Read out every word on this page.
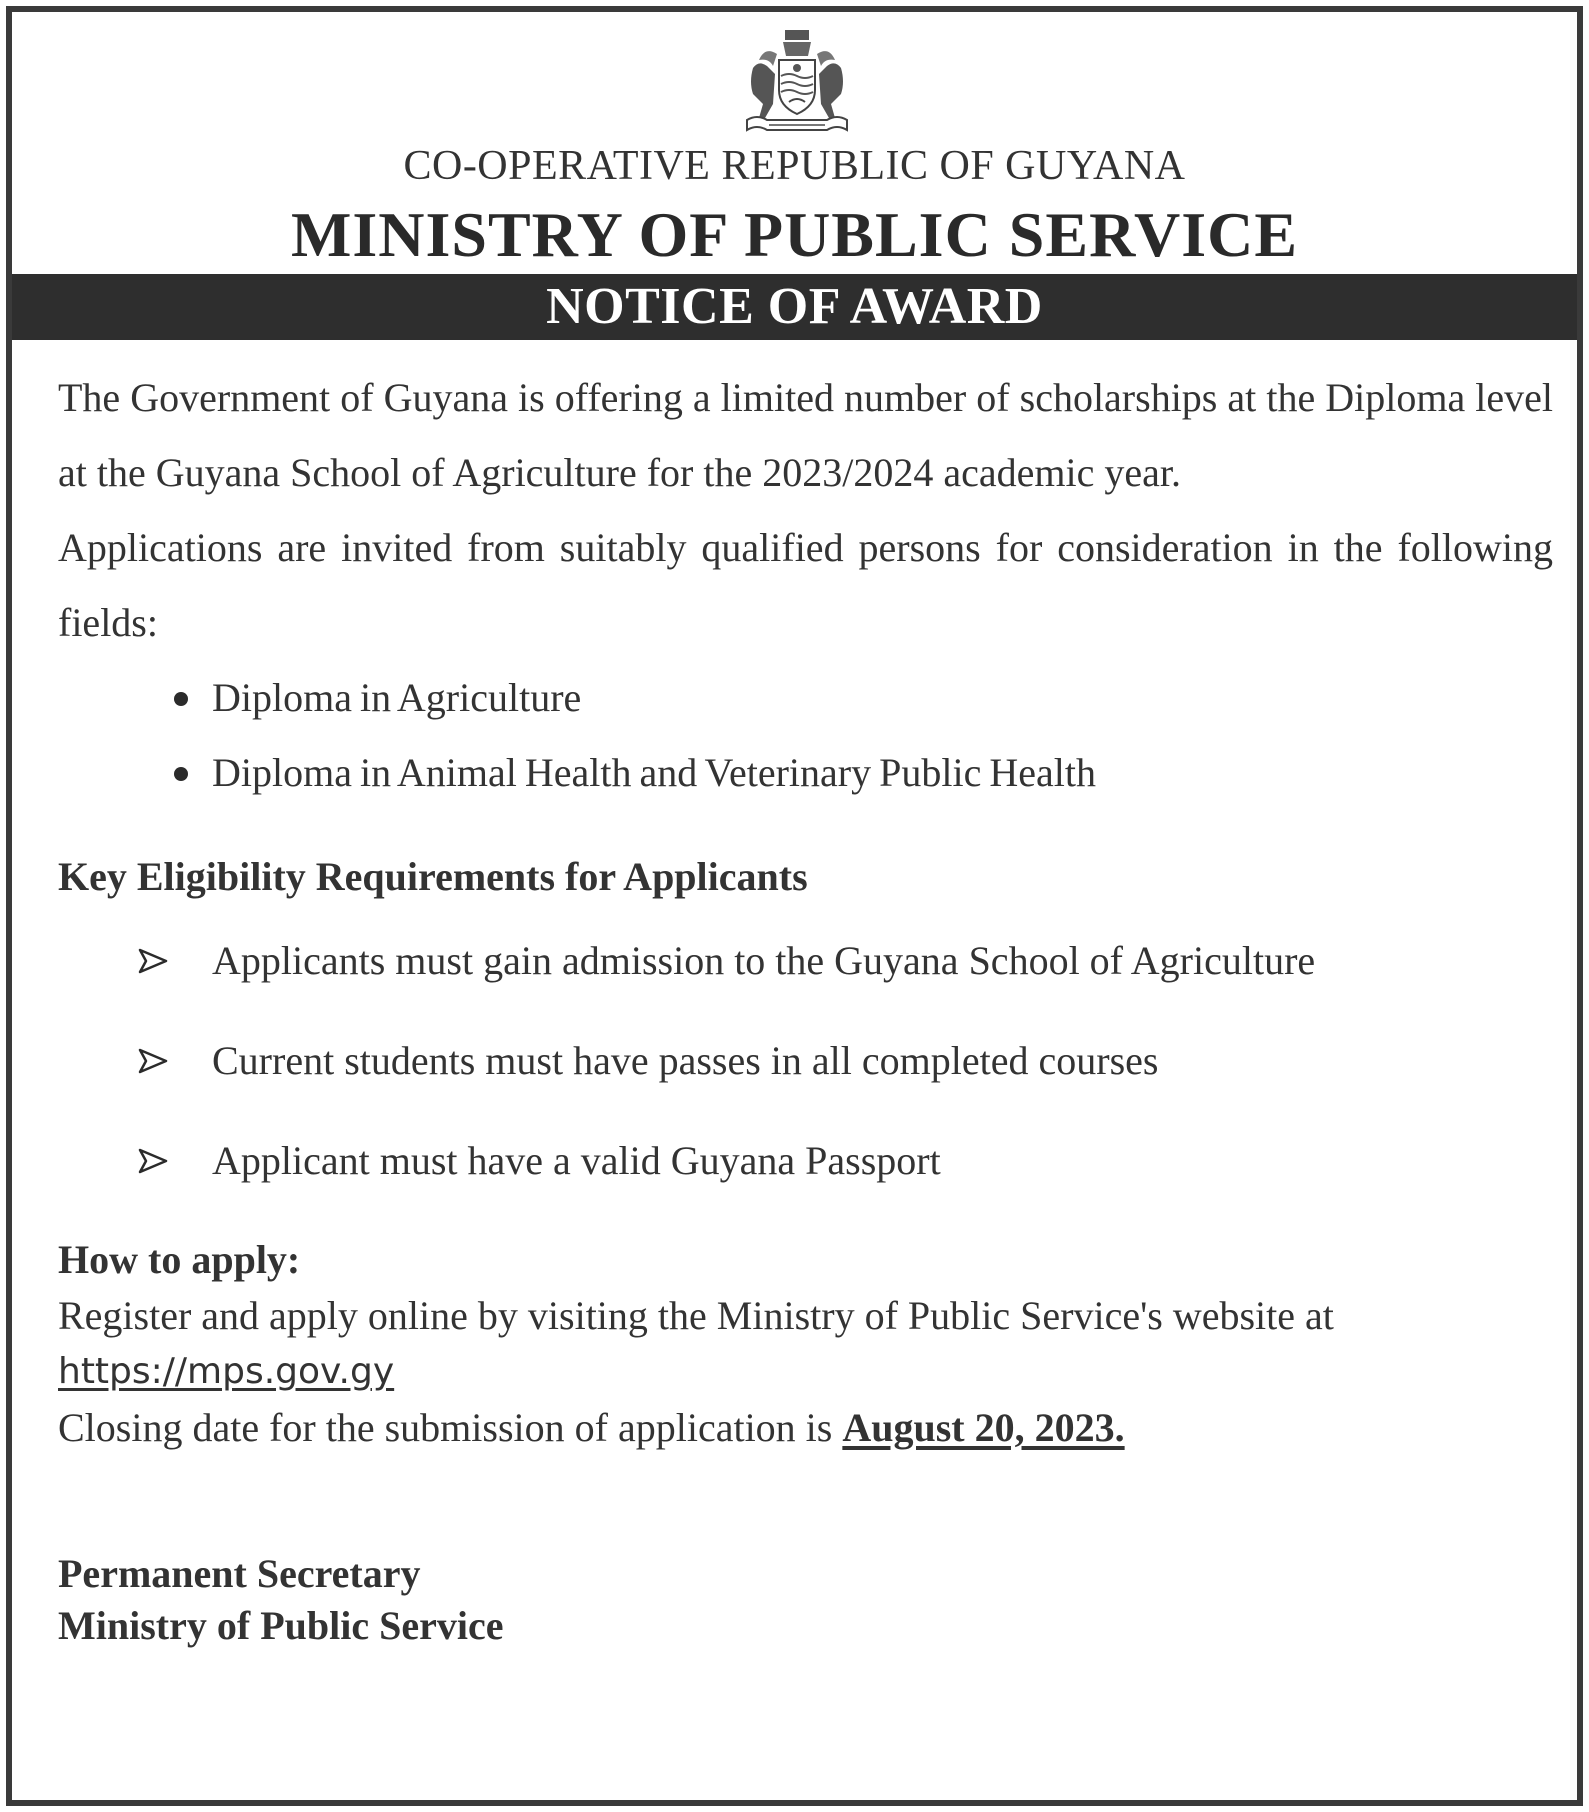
CO-OPERATIVE REPUBLIC OF GUYANA
MINISTRY OF PUBLIC SERVICE
NOTICE OF AWARD

The Government of Guyana is offering a limited number of scholarships at the Diploma level at the Guyana School of Agriculture for the 2023/2024 academic year.

Applications are invited from suitably qualified persons for consideration in the following fields:

Diploma in Agriculture
Diploma in Animal Health and Veterinary Public Health
Key Eligibility Requirements for Applicants
Applicants must gain admission to the Guyana School of Agriculture
Current students must have passes in all completed courses
Applicant must have a valid Guyana Passport
How to apply:

Register and apply online by visiting the Ministry of Public Service's website at

https://mps.gov.gy

Closing date for the submission of application is August 20, 2023.

Permanent Secretary
Ministry of Public Service
